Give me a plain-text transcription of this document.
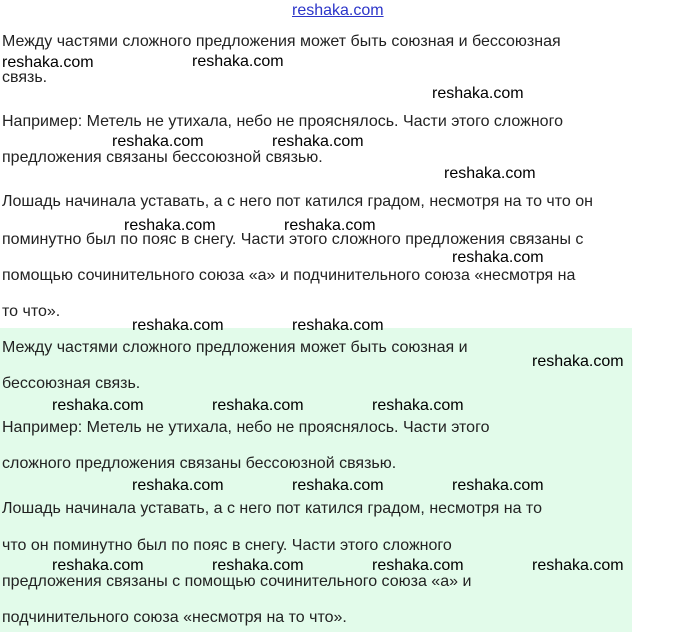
reshaka.com
Между частями сложного предложения может быть союзная и бессоюзная
связь.
Например: Метель не утихала, небо не прояснялось. Части этого сложного
предложения связаны бессоюзной связью.
Лошадь начинала уставать, а с него пот катился градом, несмотря на то что он
поминутно был по пояс в снегу. Части этого сложного предложения связаны с
помощью сочинительного союза «а» и подчинительного союза «несмотря на
то что».
Между частями сложного предложения может быть союзная и
бессоюзная связь.
Например: Метель не утихала, небо не прояснялось. Части этого
сложного предложения связаны бессоюзной связью.
Лошадь начинала уставать, а с него пот катился градом, несмотря на то
что он поминутно был по пояс в снегу. Части этого сложного
предложения связаны с помощью сочинительного союза «а» и
подчинительного союза «несмотря на то что».
reshaka.com	reshaka.com
reshaka.com
reshaka.com	reshaka.com
reshaka.com
reshaka.com	reshaka.com
reshaka.com
reshaka.com	reshaka.com
reshaka.com
reshaka.com	reshaka.com	reshaka.com
reshaka.com	reshaka.com	reshaka.com
reshaka.com	reshaka.com	reshaka.com	reshaka.com
